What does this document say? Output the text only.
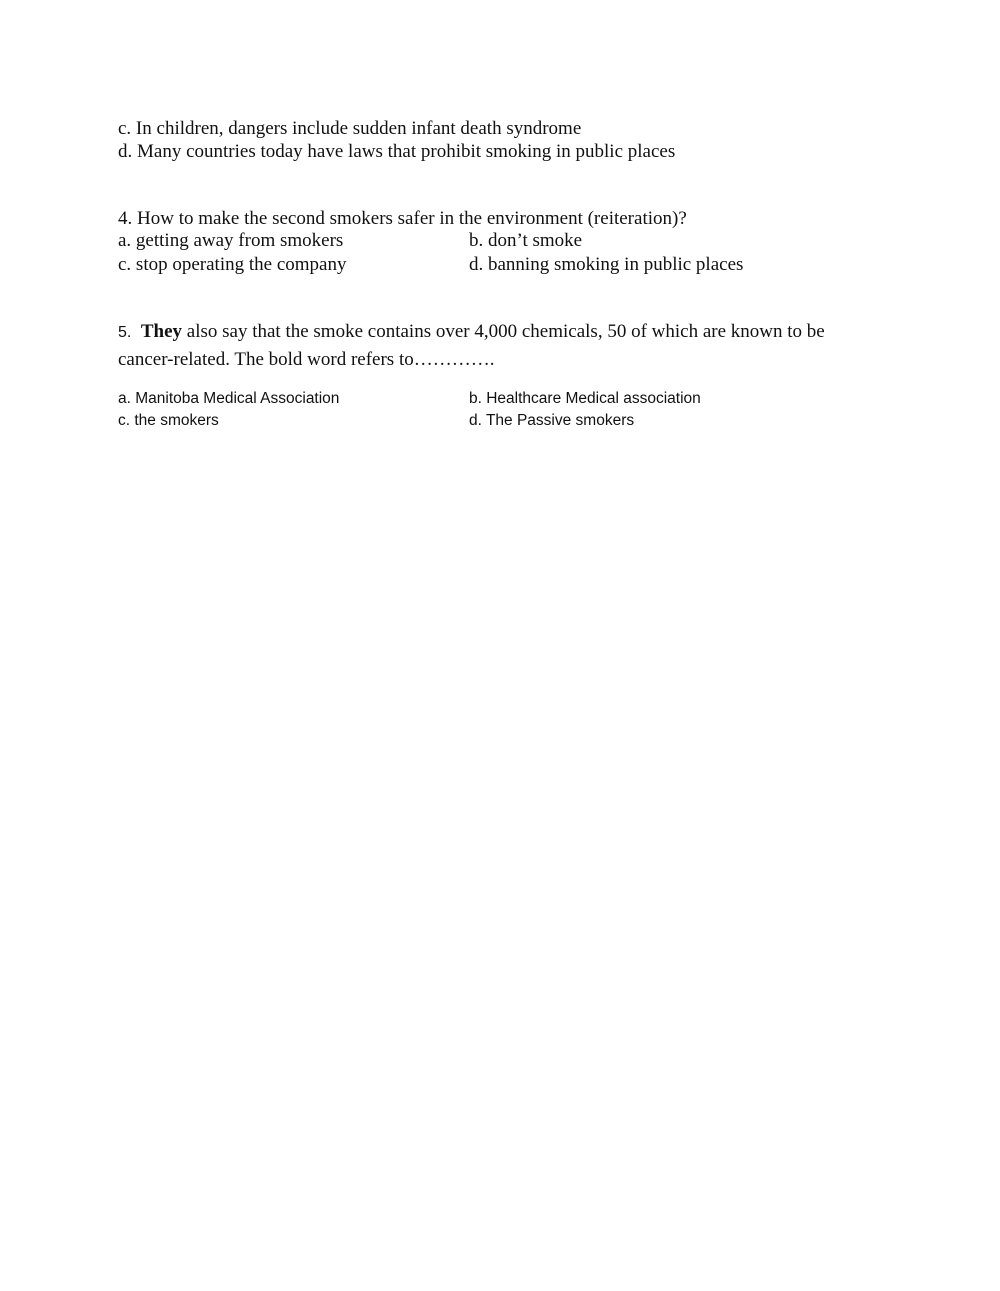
c. In children, dangers include sudden infant death syndrome
d. Many countries today have laws that prohibit smoking in public places
4. How to make the second smokers safer in the environment (reiteration)?
a. getting away from smokers	b. don’t smoke
c. stop operating the company	d. banning smoking in public places
5. They also say that the smoke contains over 4,000 chemicals, 50 of which are known to be cancer-related. The bold word refers to………….
a. Manitoba Medical Association	b. Healthcare Medical association
c. the smokers	d. The Passive smokers
